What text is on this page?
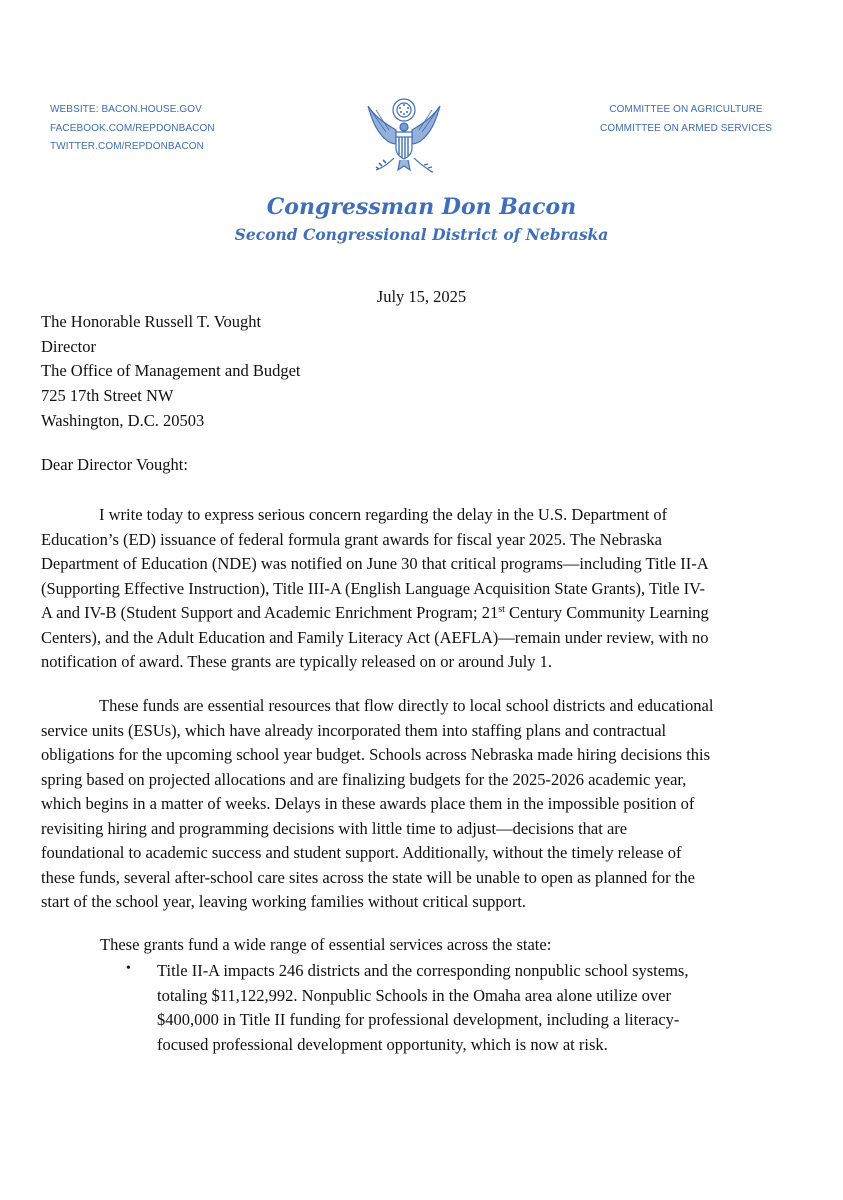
WEBSITE: BACON.HOUSE.GOV
FACEBOOK.COM/REPDONBACON
TWITTER.COM/REPDONBACON
COMMITTEE ON AGRICULTURE
COMMITTEE ON ARMED SERVICES
Congressman Don Bacon
Second Congressional District of Nebraska
July 15, 2025
The Honorable Russell T. Vought
Director
The Office of Management and Budget
725 17th Street NW
Washington, D.C. 20503
Dear Director Vought:
I write today to express serious concern regarding the delay in the U.S. Department of
Education’s (ED) issuance of federal formula grant awards for fiscal year 2025. The Nebraska
Department of Education (NDE) was notified on June 30 that critical programs—including Title II-A
(Supporting Effective Instruction), Title III-A (English Language Acquisition State Grants), Title IV-
A and IV-B (Student Support and Academic Enrichment Program; 21st Century Community Learning
Centers), and the Adult Education and Family Literacy Act (AEFLA)—remain under review, with no
notification of award. These grants are typically released on or around July 1.
These funds are essential resources that flow directly to local school districts and educational
service units (ESUs), which have already incorporated them into staffing plans and contractual
obligations for the upcoming school year budget. Schools across Nebraska made hiring decisions this
spring based on projected allocations and are finalizing budgets for the 2025-2026 academic year,
which begins in a matter of weeks. Delays in these awards place them in the impossible position of
revisiting hiring and programming decisions with little time to adjust—decisions that are
foundational to academic success and student support. Additionally, without the timely release of
these funds, several after-school care sites across the state will be unable to open as planned for the
start of the school year, leaving working families without critical support.
These grants fund a wide range of essential services across the state:
• Title II-A impacts 246 districts and the corresponding nonpublic school systems,
totaling $11,122,992. Nonpublic Schools in the Omaha area alone utilize over
$400,000 in Title II funding for professional development, including a literacy-
focused professional development opportunity, which is now at risk.
